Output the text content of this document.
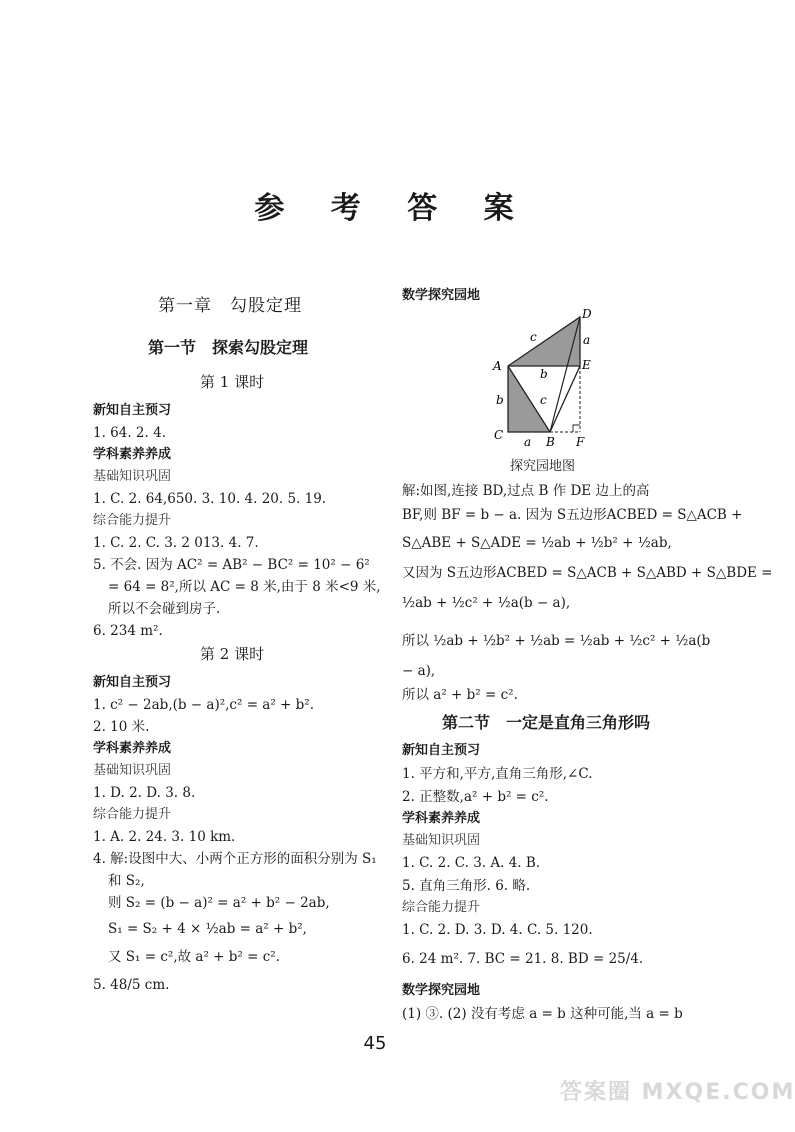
参 考 答 案
第一章　勾股定理
第一节　探索勾股定理
第 1 课时
新知自主预习
1. 64. 2. 4.
学科素养养成
基础知识巩固
1. C. 2. 64,650. 3. 10. 4. 20. 5. 19.
综合能力提升
1. C. 2. C. 3. 2 013. 4. 7.
5. 不会. 因为 AC² = AB² − BC² = 10² − 6²
= 64 = 8²,所以 AC = 8 米,由于 8 米<9 米,
所以不会碰到房子.
6. 234 m².
第 2 课时
新知自主预习
1. c² − 2ab,(b − a)²,c² = a² + b².
2. 10 米.
学科素养养成
基础知识巩固
1. D. 2. D. 3. 8.
综合能力提升
1. A. 2. 24. 3. 10 km.
4. 解:设图中大、小两个正方形的面积分别为 S₁
和 S₂,
则 S₂ = (b − a)² = a² + b² − 2ab,
S₁ = S₂ + 4 × ½ab = a² + b²,
又 S₁ = c²,故 a² + b² = c².
5. 48/5 cm.
数学探究园地
A
C	B F
D
E
c	a
b
b	c
a
探究园地图
解:如图,连接 BD,过点 B 作 DE 边上的高
BF,则 BF = b − a. 因为 S五边形ACBED = S△ACB +
S△ABE + S△ADE = ½ab + ½b² + ½ab,
又因为 S五边形ACBED = S△ACB + S△ABD + S△BDE =
½ab + ½c² + ½a(b − a),
所以 ½ab + ½b² + ½ab = ½ab + ½c² + ½a(b
− a),
所以 a² + b² = c².
第二节　一定是直角三角形吗
新知自主预习
1. 平方和,平方,直角三角形,∠C.
2. 正整数,a² + b² = c².
学科素养养成
基础知识巩固
1. C. 2. C. 3. A. 4. B.
5. 直角三角形. 6. 略.
综合能力提升
1. C. 2. D. 3. D. 4. C. 5. 120.
6. 24 m². 7. BC = 21. 8. BD = 25/4.
数学探究园地
(1) ③. (2) 没有考虑 a = b 这种可能,当 a = b
45
答案圈 MXQE.COM
